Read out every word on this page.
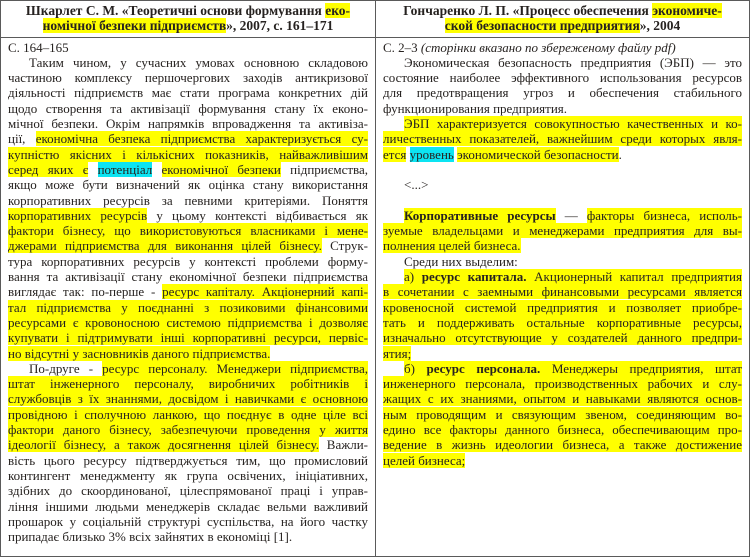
Шкарлет С. М. «Теоретичні основи формування еко-
номічної безпеки підприємств», 2007, с. 161–171
С. 164–165
Таким чином, у сучасних умовах основною складовою
частиною комплексу першочергових заходів антикризової
діяльності підприємств має стати програма конкретних дій
щодо створення та активізації формування стану їх еконо-
мічної безпеки. Окрім напрямків впровадження та активіза-
ції, економічна безпека підприємства характеризується су-
купністю якісних і кількісних показників, найважливішим
серед яких є потенціал економічної безпеки підприємства,
якщо може бути визначений як оцінка стану використання
корпоративних ресурсів за певними критеріями. Поняття
корпоративних ресурсів у цьому контексті відбивається як
фактори бізнесу, що використовуються власниками і мене-
джерами підприємства для виконання цілей бізнесу. Струк-
тура корпоративних ресурсів у контексті проблеми форму-
вання та активізації стану економічної безпеки підприємства
виглядає так: по-перше - ресурс капіталу. Акціонерний капі-
тал підприємства у поєднанні з позиковими фінансовими
ресурсами є кровоносною системою підприємства і дозволяє
купувати і підтримувати інші корпоративні ресурси, первіс-
но відсутні у засновників даного підприємства.
По-друге - ресурс персоналу. Менеджери підприємства,
штат інженерного персоналу, виробничих робітників і
службовців з їх знаннями, досвідом і навичками є основною
провідною і сполучною ланкою, що поєднує в одне ціле всі
фактори даного бізнесу, забезпечуючи проведення у життя
ідеології бізнесу, а також досягнення цілей бізнесу. Важли-
вість цього ресурсу підтверджується тим, що промисловий
контингент менеджменту як група освічених, ініціативних,
здібних до скоординованої, цілеспрямованої праці і управ-
ління іншими людьми менеджерів складає вельми важливий
прошарок у соціальній структурі суспільства, на його частку
припадає близько 3% всіх зайнятих в економіці [1].
Гончаренко Л. П. «Процесс обеспечения экономиче-
ской безопасности предприятия», 2004
С. 2–3 (сторінки вказано по збереженому файлу pdf)
Экономическая безопасность предприятия (ЭБП) — это
состояние наиболее эффективного использования ресурсов
для предотвращения угроз и обеспечения стабильного
функционирования предприятия.
ЭБП характеризуется совокупностью качественных и ко-
личественных показателей, важнейшим среди которых явля-
ется уровень экономической безопасности.

<...>

Корпоративные ресурсы — факторы бизнеса, исполь-
зуемые владельцами и менеджерами предприятия для вы-
полнения целей бизнеса.
Среди них выделим:
а) ресурс капитала. Акционерный капитал предприятия
в сочетании с заемными финансовыми ресурсами является
кровеносной системой предприятия и позволяет приобре-
тать и поддерживать остальные корпоративные ресурсы,
изначально отсутствующие у создателей данного предпри-
ятия;
б) ресурс персонала. Менеджеры предприятия, штат
инженерного персонала, производственных рабочих и слу-
жащих с их знаниями, опытом и навыками являются основ-
ным проводящим и связующим звеном, соединяющим во-
едино все факторы данного бизнеса, обеспечивающим про-
ведение в жизнь идеологии бизнеса, а также достижение
целей бизнеса;
